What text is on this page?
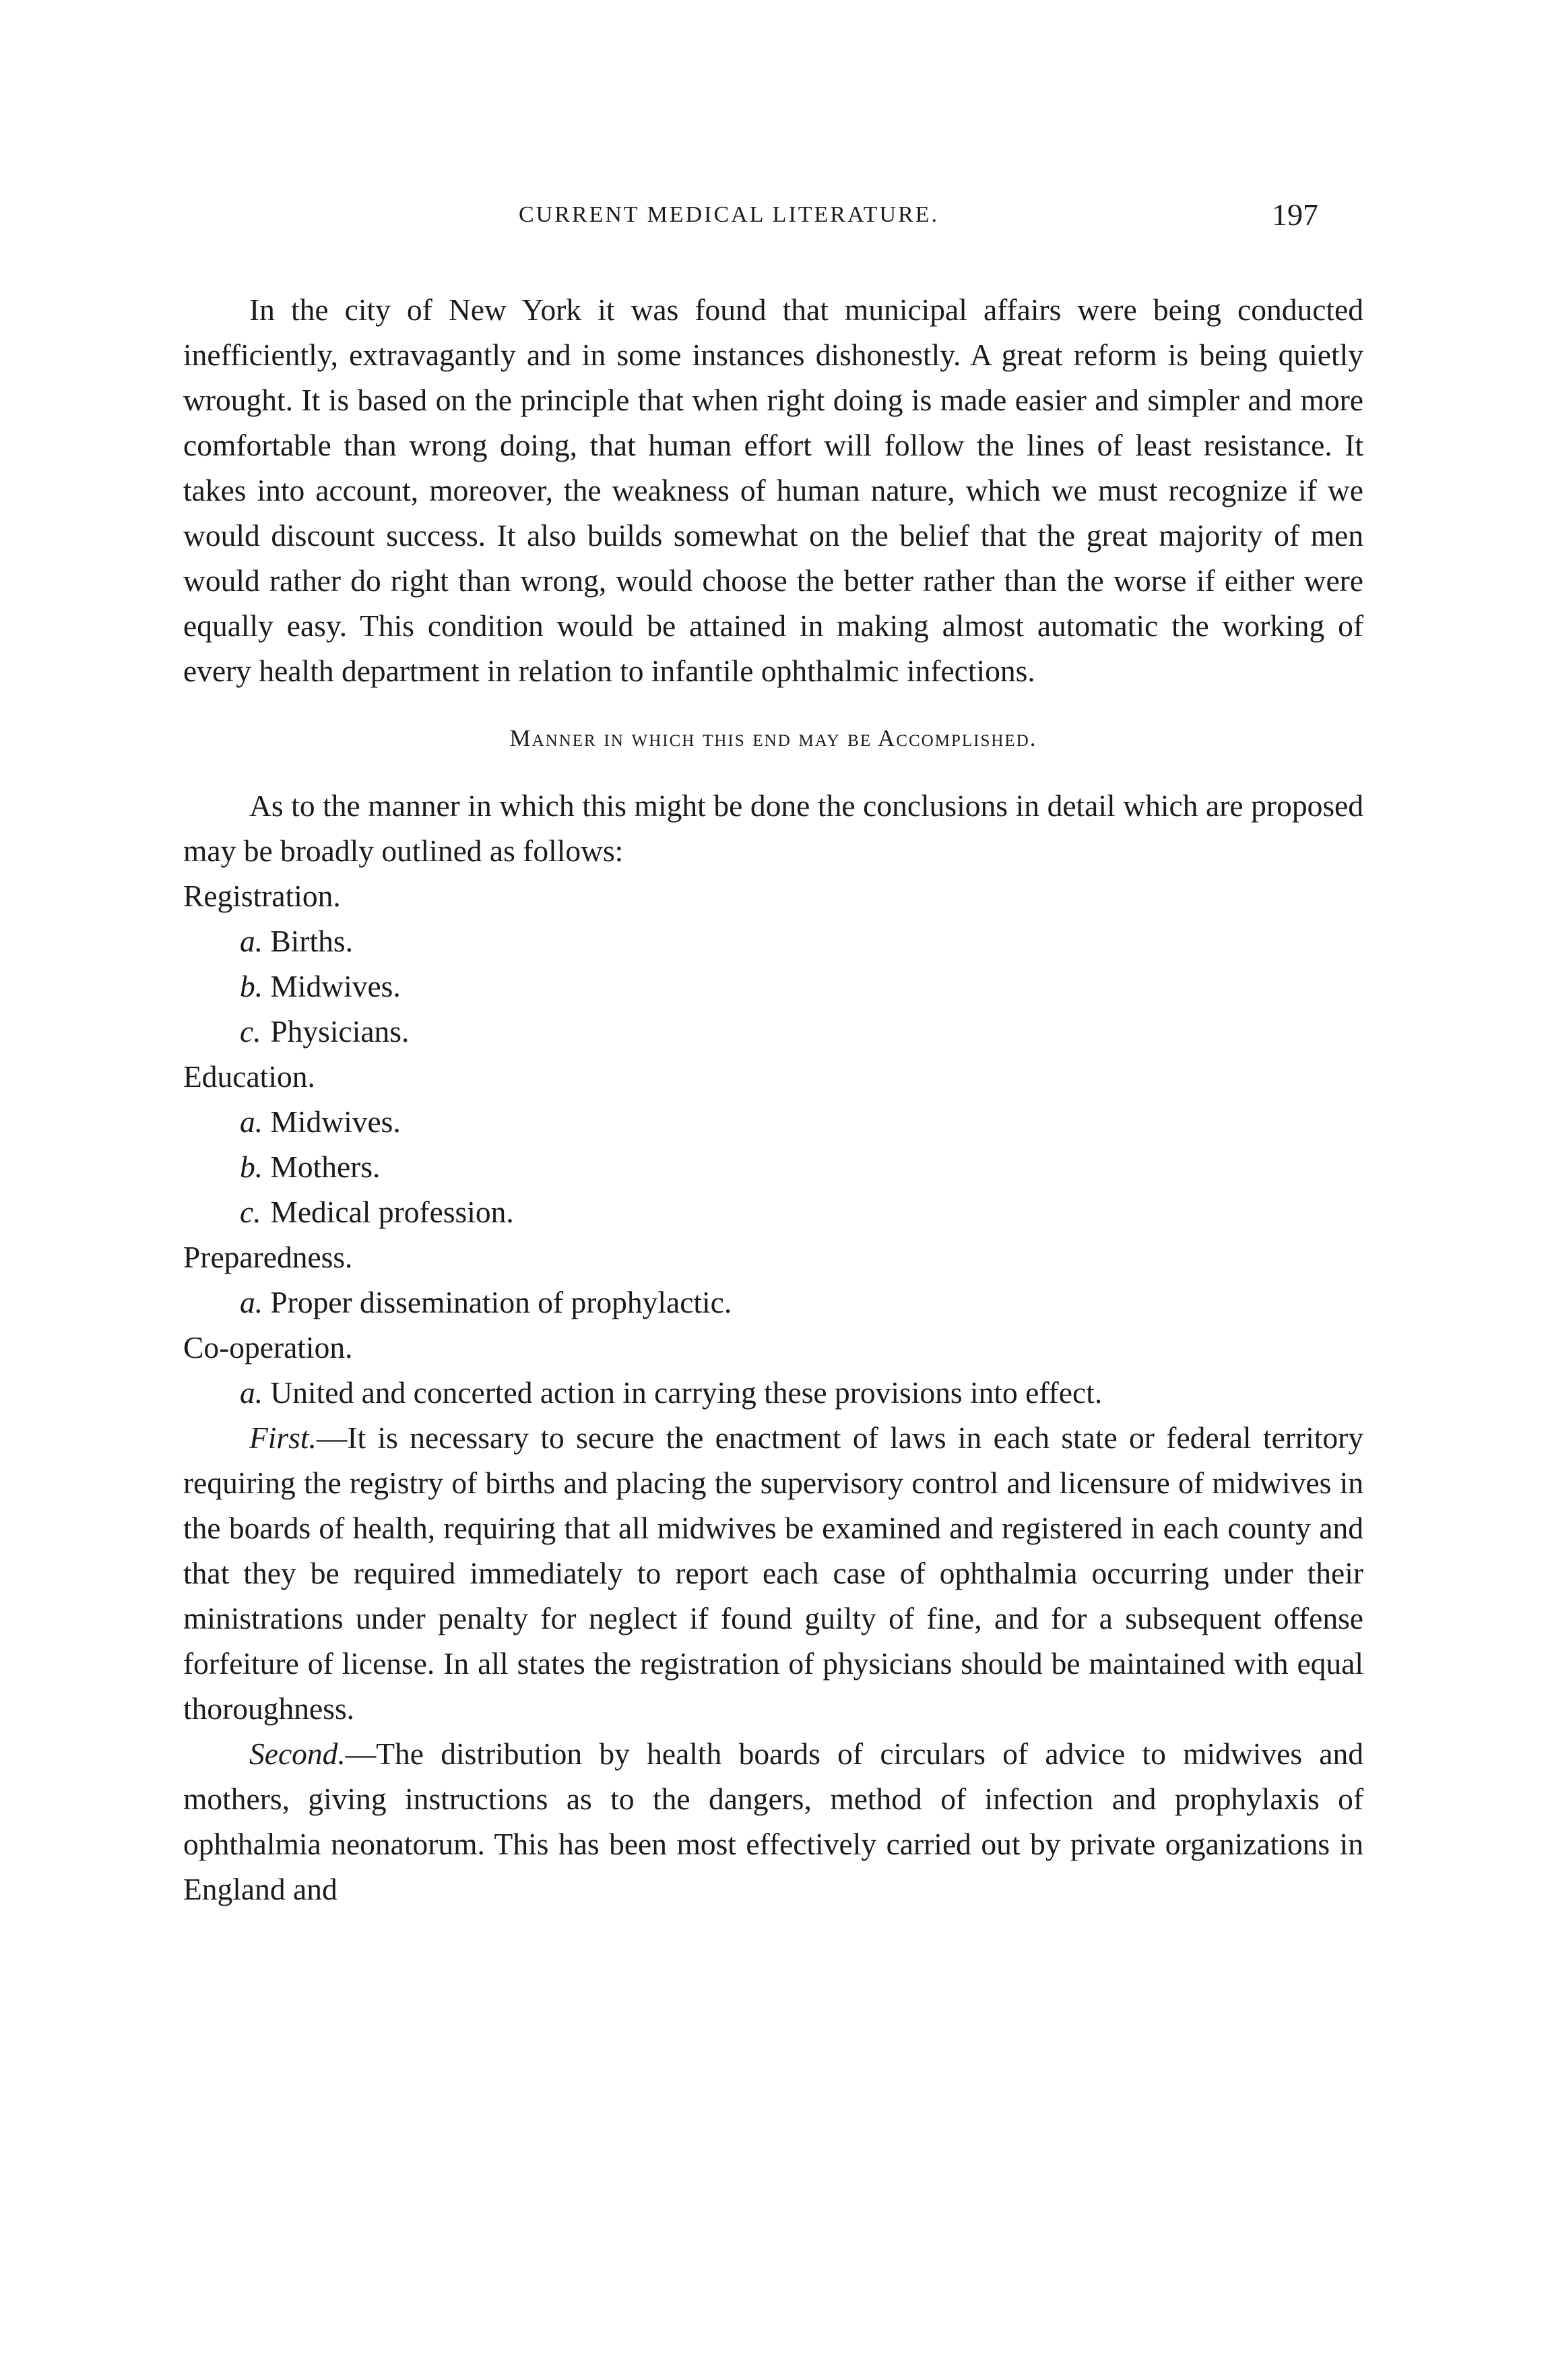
CURRENT MEDICAL LITERATURE.	197

In the city of New York it was found that municipal affairs were being conducted inefficiently, extravagantly and in some instances dishonestly. A great reform is being quietly wrought. It is based on the principle that when right doing is made easier and simpler and more comfortable than wrong doing, that human effort will follow the lines of least resistance. It takes into account, moreover, the weakness of human nature, which we must recognize if we would discount success. It also builds somewhat on the belief that the great majority of men would rather do right than wrong, would choose the better rather than the worse if either were equally easy. This condition would be attained in making almost automatic the working of every health department in relation to infantile ophthalmic infections.

Manner in which this end may be Accomplished.

As to the manner in which this might be done the conclusions in detail which are proposed may be broadly outlined as follows:

Registration.

a. Births.

b. Midwives.

c. Physicians.

Education.

a. Midwives.

b. Mothers.

c. Medical profession.

Preparedness.

a. Proper dissemination of prophylactic.

Co-operation.

a. United and concerted action in carrying these provisions into effect.

First.—It is necessary to secure the enactment of laws in each state or federal territory requiring the registry of births and placing the supervisory control and licensure of midwives in the boards of health, requiring that all midwives be examined and registered in each county and that they be required immediately to report each case of ophthalmia occurring under their ministrations under penalty for neglect if found guilty of fine, and for a subsequent offense forfeiture of license. In all states the registration of physicians should be maintained with equal thoroughness.

Second.—The distribution by health boards of circulars of advice to midwives and mothers, giving instructions as to the dangers, method of infection and prophylaxis of ophthalmia neonatorum. This has been most effectively carried out by private organizations in England and
